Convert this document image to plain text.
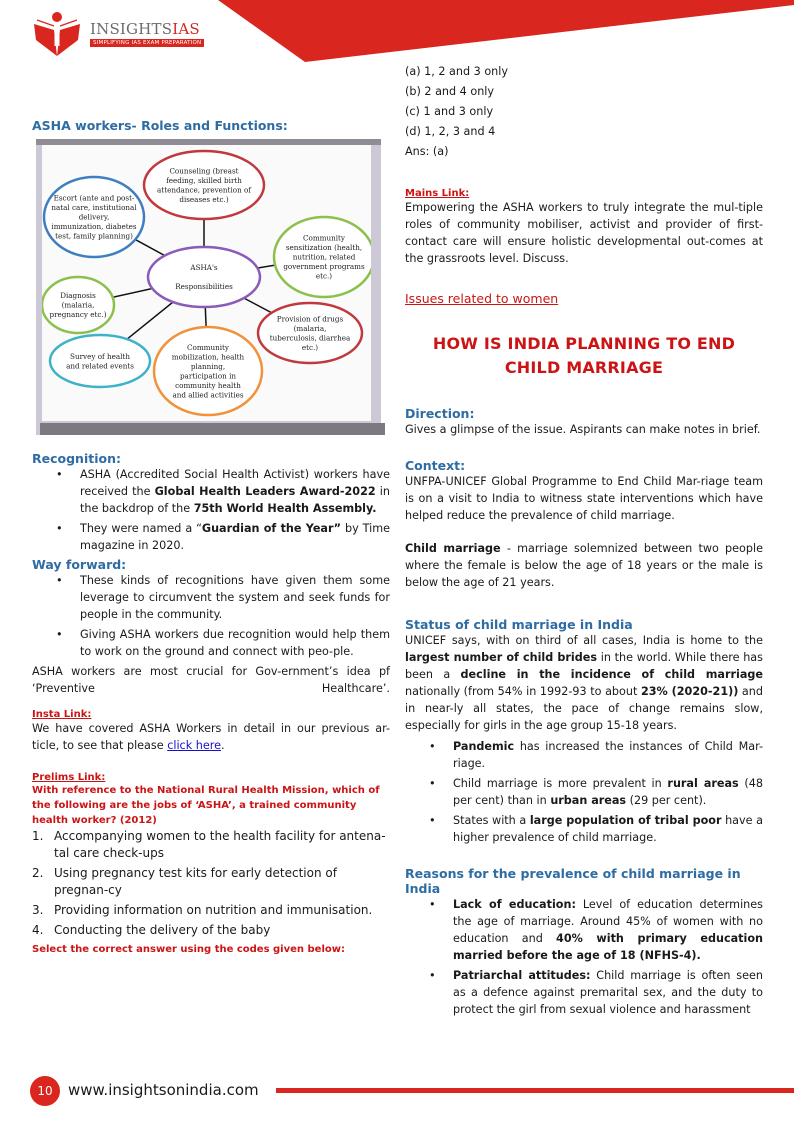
INSIGHTSIAS
SIMPLIFYING IAS EXAM PREPARATION
ASHA workers- Roles and Functions:
Counseling (breast
feeding, skilled birth
attendance, prevention of
diseases etc.)
Escort (ante and post-
natal care, institutional
delivery,
immunization, diabetes
test, family planning)	Community
sensitization (health,
nutrition, related
government programs
etc.)
Diagnosis
(malaria,
pregnancy etc.)	Provision of drugs
(malaria,
tuberculosis, diarrhea
etc.)
Survey of health
and related events
Community
mobilization, health
planning,
participation in
community health
and allied activities
ASHA's
Responsibilities
Recognition:
• ASHA (Accredited Social Health Activist) workers have received the Global Health Leaders Award-2022 in the backdrop of the 75th World Health Assembly.
• They were named a “Guardian of the Year” by Time magazine in 2020.
Way forward:
• These kinds of recognitions have given them some leverage to circumvent the system and seek funds for people in the community.
• Giving ASHA workers due recognition would help them to work on the ground and connect with peo-ple.

ASHA workers are most crucial for Gov-ernment’s idea pf ‘Preventive Healthcare’.

Insta Link:

We have covered ASHA Workers in detail in our previous ar-ticle, to see that please click here.

Prelims Link:
With reference to the National Rural Health Mission, which of the following are the jobs of ‘ASHA’, a trained community health worker? (2012)
1. Accompanying women to the health facility for antena-tal care check-ups
2. Using pregnancy test kits for early detection of pregnan-cy
3. Providing information on nutrition and immunisation.
4. Conducting the delivery of the baby
Select the correct answer using the codes given below:

(a) 1, 2 and 3 only

(b) 2 and 4 only

(c) 1 and 3 only

(d) 1, 2, 3 and 4

Ans: (a)

Mains Link:

Empowering the ASHA workers to truly integrate the mul-tiple roles of community mobiliser, activist and provider of first-contact care will ensure holistic developmental out-comes at the grassroots level. Discuss.

Issues related to women
HOW IS INDIA PLANNING TO END CHILD MARRIAGE
Direction:

Gives a glimpse of the issue. Aspirants can make notes in brief.

Context:

UNFPA-UNICEF Global Programme to End Child Mar-riage team is on a visit to India to witness state interventions which have helped reduce the prevalence of child marriage.

Child marriage - marriage solemnized between two people where the female is below the age of 18 years or the male is below the age of 21 years.

Status of child marriage in India

UNICEF says, with on third of all cases, India is home to the largest number of child brides in the world. While there has been a decline in the incidence of child marriage nationally (from 54% in 1992-93 to about 23% (2020-21)) and in near-ly all states, the pace of change remains slow, especially for girls in the age group 15-18 years.

• Pandemic has increased the instances of Child Mar-riage.
• Child marriage is more prevalent in rural areas (48 per cent) than in urban areas (29 per cent).
• States with a large population of tribal poor have a higher prevalence of child marriage.
Reasons for the prevalence of child marriage in India
• Lack of education: Level of education determines the age of marriage. Around 45% of women with no education and 40% with primary education married before the age of 18 (NFHS-4).
• Patriarchal attitudes: Child marriage is often seen as a defence against premarital sex, and the duty to protect the girl from sexual violence and harassment
10	www.insightsonindia.com
